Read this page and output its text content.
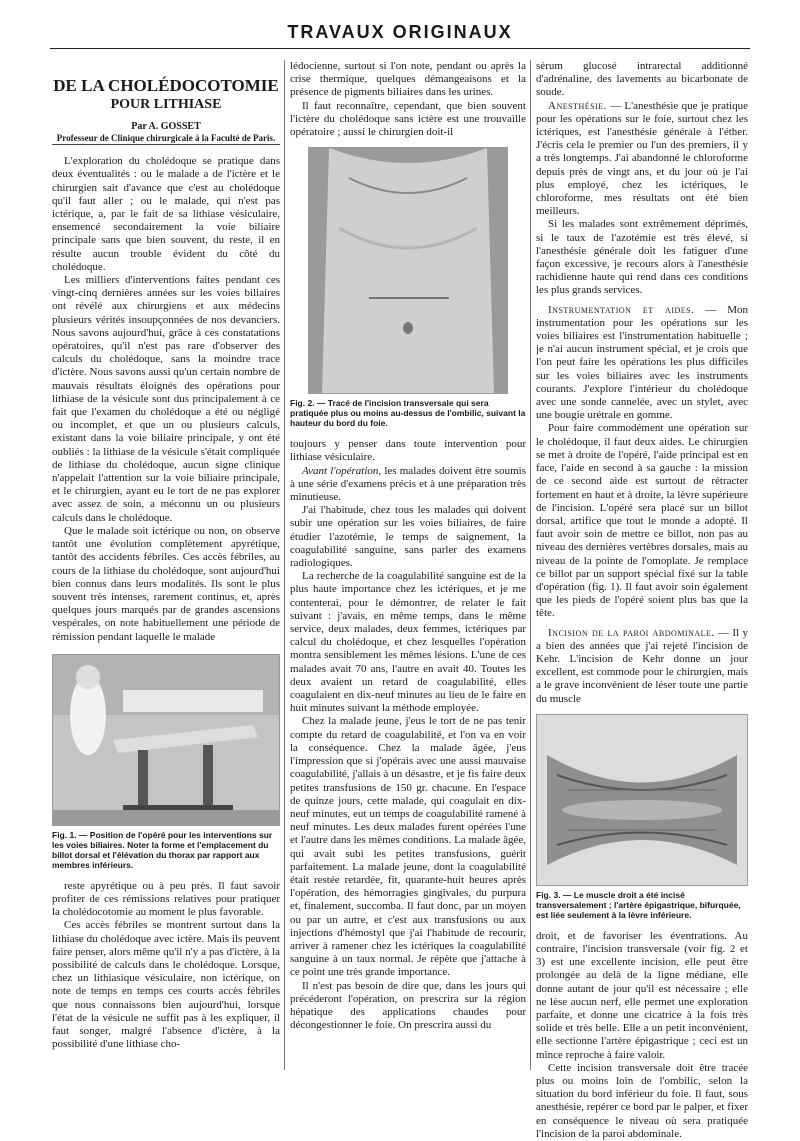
TRAVAUX ORIGINAUX
DE LA CHOLÉDOCOTOMIE
POUR LITHIASE

Par A. GOSSET

Professeur de Clinique chirurgicale à la Faculté de Paris.

L'exploration du cholédoque se pratique dans deux éventualités : ou le malade a de l'ictère et le chirurgien sait d'avance que c'est au cholédoque qu'il faut aller ; ou le malade, qui n'est pas ictérique, a, par le fait de sa lithiase vésiculaire, ensemencé secondairement la voie biliaire principale sans que bien souvent, du reste, il en résulte aucun trouble évident du côté du cholédoque.

Les milliers d'interventions faites pendant ces vingt-cinq dernières années sur les voies biliaires ont révélé aux chirurgiens et aux médecins plusieurs vérités insoupçonnées de nos devanciers. Nous savons aujourd'hui, grâce à ces constatations opératoires, qu'il n'est pas rare d'observer des calculs du cholédoque, sans la moindre trace d'ictère. Nous savons aussi qu'un certain nombre de mauvais résultats éloignés des opérations pour lithiase de la vésicule sont dus principalement à ce fait que l'examen du cholédoque a été ou négligé ou incomplet, et que un ou plusieurs calculs, existant dans la voie biliaire principale, y ont été oubliés : la lithiase de la vésicule s'était compliquée de lithiase du cholédoque, aucun signe clinique n'appelait l'attention sur la voie biliaire principale, et le chirurgien, ayant eu le tort de ne pas explorer avec assez de soin, a méconnu un ou plusieurs calculs dans le cholédoque.

Que le malade soit ictérique ou non, on observe tantôt une évolution complètement apyrétique, tantôt des accidents fébriles. Ces accès fébriles, au cours de la lithiase du cholédoque, sont aujourd'hui bien connus dans leurs modalités. Ils sont le plus souvent très intenses, rarement continus, et, après quelques jours marqués par de grandes ascensions vespérales, on note habituellement une période de rémission pendant laquelle le malade

Fig. 1. — Position de l'opéré pour les interventions sur les voies biliaires. Noter la forme et l'emplacement du billot dorsal et l'élévation du thorax par rapport aux membres inférieurs.

reste apyrétique ou à peu près. Il faut savoir profiter de ces rémissions relatives pour pratiquer la cholédocotomie au moment le plus favorable.

Ces accès fébriles se montrent surtout dans la lithiase du cholédoque avec ictère. Mais ils peuvent faire penser, alors même qu'il n'y a pas d'ictère, à la possibilité de calculs dans le cholédoque. Lorsque, chez un lithiasique vésiculaire, non ictérique, on note de temps en temps ces courts accès fébriles que nous connaissons bien aujourd'hui, lorsque l'état de la vésicule ne suffit pas à les expliquer, il faut songer, malgré l'absence d'ictère, à la possibilité d'une lithiase cho-

lédocienne, surtout si l'on note, pendant ou après la crise thermique, quelques démangeaisons et la présence de pigments biliaires dans les urines.

Il faut reconnaître, cependant, que bien souvent l'ictère du cholédoque sans ictère est une trouvaille opératoire ; aussi le chirurgien doit-il

Fig. 2. — Tracé de l'incision transversale qui sera pratiquée plus ou moins au-dessus de l'ombilic, suivant la hauteur du bord du foie.

toujours y penser dans toute intervention pour lithiase vésiculaire.

Avant l'opération, les malades doivent être soumis à une série d'examens précis et à une préparation très minutieuse.

J'ai l'habitude, chez tous les malades qui doivent subir une opération sur les voies biliaires, de faire étudier l'azotémie, le temps de saignement, la coagulabilité sanguine, sans parler des examens radiologiques.

La recherche de la coagulabilité sanguine est de la plus haute importance chez les ictériques, et je me contenterai, pour le démontrer, de relater le fait suivant : j'avais, en même temps, dans le même service, deux malades, deux femmes, ictériques par calcul du cholédoque, et chez lesquelles l'opération montra sensiblement les mêmes lésions. L'une de ces malades avait 70 ans, l'autre en avait 40. Toutes les deux avaient un retard de coagulabilité, elles coagulaient en dix-neuf minutes au lieu de le faire en huit minutes suivant la méthode employée.

Chez la malade jeune, j'eus le tort de ne pas tenir compte du retard de coagulabilité, et l'on va en voir la conséquence. Chez la malade âgée, j'eus l'impression que si j'opérais avec une aussi mauvaise coagulabilité, j'allais à un désastre, et je fis faire deux petites transfusions de 150 gr. chacune. En l'espace de quinze jours, cette malade, qui coagulait en dix-neuf minutes, eut un temps de coagulabilité ramené à neuf minutes. Les deux malades furent opérées l'une et l'autre dans les mêmes conditions. La malade âgée, qui avait subi les petites transfusions, guérit parfaitement. La malade jeune, dont la coagulabilité était restée retardée, fit, quarante-huit heures après l'opération, des hémorragies gingivales, du purpura et, finalement, succomba. Il faut donc, par un moyen ou par un autre, et c'est aux transfusions ou aux injections d'hémostyl que j'ai l'habitude de recourir, arriver à ramener chez les ictériques la coagulabilité sanguine à un taux normal. Je répète que j'attache à ce point une très grande importance.

Il n'est pas besoin de dire que, dans les jours qui précéderont l'opération, on prescrira sur la région hépatique des applications chaudes pour décongestionner le foie. On prescrira aussi du

sérum glucosé intrarectal additionné d'adrénaline, des lavements au bicarbonate de soude.

Anesthésie. — L'anesthésie que je pratique pour les opérations sur le foie, surtout chez les ictériques, est l'anesthésie générale à l'éther. J'écris cela le premier ou l'un des premiers, il y a très longtemps. J'ai abandonné le chloroforme depuis près de vingt ans, et du jour où je l'ai plus employé, chez les ictériques, le chloroforme, mes résultats ont été bien meilleurs.

Si les malades sont extrêmement déprimés, si le taux de l'azotémie est très élevé, si l'anesthésie générale doit les fatiguer d'une façon excessive, je recours alors à l'anesthésie rachidienne haute qui rend dans ces conditions les plus grands services.

Instrumentation et aides. — Mon instrumentation pour les opérations sur les voies biliaires est l'instrumentation habituelle ; je n'ai aucun instrument spécial, et je crois que l'on peut faire les opérations les plus difficiles sur les voies biliaires avec les instruments courants. J'explore l'intérieur du cholédoque avec une sonde cannelée, avec un stylet, avec une bougie urétrale en gomme.

Pour faire commodément une opération sur le cholédoque, il faut deux aides. Le chirurgien se met à droite de l'opéré, l'aide principal est en face, l'aide en second à sa gauche : la mission de ce second aide est surtout de rétracter fortement en haut et à droite, la lèvre supérieure de l'incision. L'opéré sera placé sur un billot dorsal, artifice que tout le monde a adopté. Il faut avoir soin de mettre ce billot, non pas au niveau des dernières vertèbres dorsales, mais au niveau de la pointe de l'omoplate. Je remplace ce billot par un support spécial fixé sur la table d'opération (fig. 1). Il faut avoir soin également que les pieds de l'opéré soient plus bas que la tête.

Incision de la paroi abdominale. — Il y a bien des années que j'ai rejeté l'incision de Kehr. L'incision de Kehr donne un jour excellent, est commode pour le chirurgien, mais a le grave inconvénient de léser toute une partie du muscle

Fig. 3. — Le muscle droit a été incisé transversalement ; l'artère épigastrique, bifurquée, est liée seulement à la lèvre inférieure.

droit, et de favoriser les éventrations. Au contraire, l'incision transversale (voir fig. 2 et 3) est une excellente incision, elle peut être prolongée au delà de la ligne médiane, elle donne autant de jour qu'il est nécessaire ; elle ne lèse aucun nerf, elle permet une exploration parfaite, et donne une cicatrice à la fois très solide et très belle. Elle a un petit inconvénient, elle sectionne l'artère épigastrique ; ceci est un mince reproche à faire valoir.

Cette incision transversale doit être tracée plus ou moins loin de l'ombilic, selon la situation du bord inférieur du foie. Il faut, sous anesthésie, repérer ce bord par le palper, et fixer en conséquence le niveau où sera pratiquée l'incision de la paroi abdominale.
